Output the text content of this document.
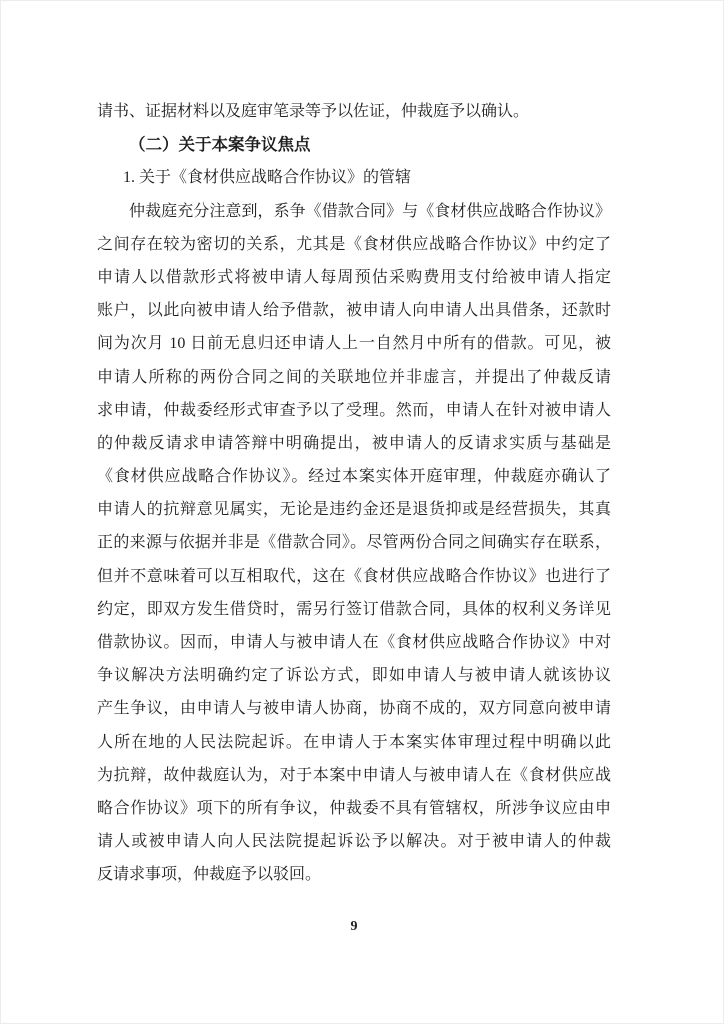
请书、证据材料以及庭审笔录等予以佐证，仲裁庭予以确认。
（二）关于本案争议焦点
1. 关于《食材供应战略合作协议》的管辖
仲裁庭充分注意到，系争《借款合同》与《食材供应战略合作协议》
之间存在较为密切的关系，尤其是《食材供应战略合作协议》中约定了
申请人以借款形式将被申请人每周预估采购费用支付给被申请人指定
账户，以此向被申请人给予借款，被申请人向申请人出具借条，还款时
间为次月 10 日前无息归还申请人上一自然月中所有的借款。可见，被
申请人所称的两份合同之间的关联地位并非虚言，并提出了仲裁反请
求申请，仲裁委经形式审查予以了受理。然而，申请人在针对被申请人
的仲裁反请求申请答辩中明确提出，被申请人的反请求实质与基础是
《食材供应战略合作协议》。经过本案实体开庭审理，仲裁庭亦确认了
申请人的抗辩意见属实，无论是违约金还是退货抑或是经营损失，其真
正的来源与依据并非是《借款合同》。尽管两份合同之间确实存在联系，
但并不意味着可以互相取代，这在《食材供应战略合作协议》也进行了
约定，即双方发生借贷时，需另行签订借款合同，具体的权利义务详见
借款协议。因而，申请人与被申请人在《食材供应战略合作协议》中对
争议解决方法明确约定了诉讼方式，即如申请人与被申请人就该协议
产生争议，由申请人与被申请人协商，协商不成的，双方同意向被申请
人所在地的人民法院起诉。在申请人于本案实体审理过程中明确以此
为抗辩，故仲裁庭认为，对于本案中申请人与被申请人在《食材供应战
略合作协议》项下的所有争议，仲裁委不具有管辖权，所涉争议应由申
请人或被申请人向人民法院提起诉讼予以解决。对于被申请人的仲裁
反请求事项，仲裁庭予以驳回。
9
